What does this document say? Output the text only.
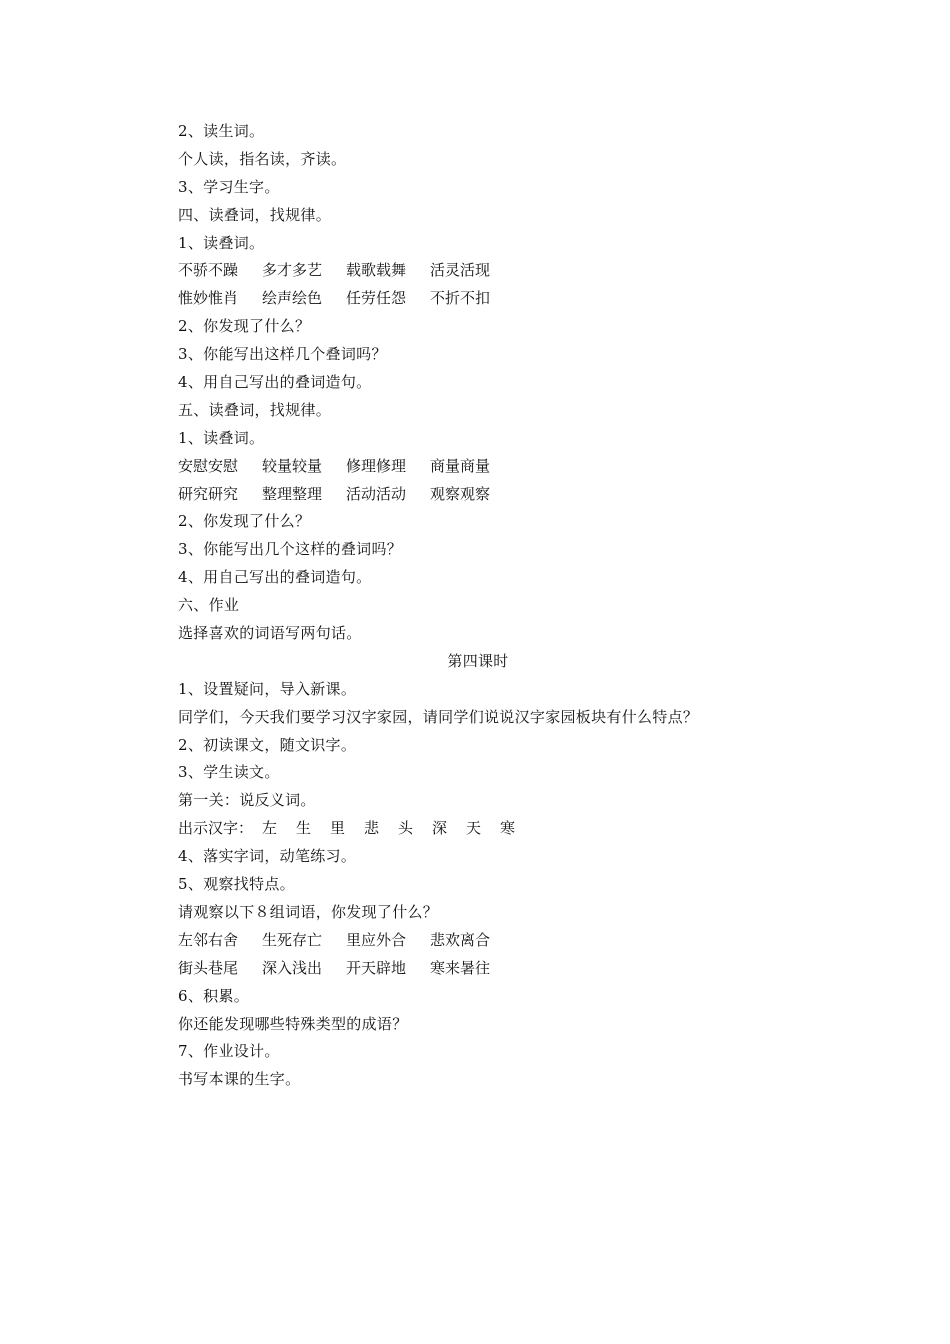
2、读生词。
个人读，指名读，齐读。
3、学习生字。
四、读叠词，找规律。
1、读叠词。
不骄不躁	多才多艺	载歌载舞	活灵活现
惟妙惟肖	绘声绘色	任劳任怨	不折不扣
2、你发现了什么？
3、你能写出这样几个叠词吗？
4、用自己写出的叠词造句。
五、读叠词，找规律。
1、读叠词。
安慰安慰	较量较量	修理修理	商量商量
研究研究	整理整理	活动活动	观察观察
2、你发现了什么？
3、你能写出几个这样的叠词吗？
4、用自己写出的叠词造句。
六、作业
选择喜欢的词语写两句话。
第四课时
1、设置疑问，导入新课。
同学们，今天我们要学习汉字家园，请同学们说说汉字家园板块有什么特点？
2、初读课文，随文识字。
3、学生读文。
第一关：说反义词。
出示汉字： 左	生	里	悲	头	深	天	寒
4、落实字词，动笔练习。
5、观察找特点。
请观察以下８组词语，你发现了什么？
左邻右舍	生死存亡	里应外合	悲欢离合
街头巷尾	深入浅出	开天辟地	寒来暑往
6、积累。
你还能发现哪些特殊类型的成语？
7、作业设计。
书写本课的生字。
